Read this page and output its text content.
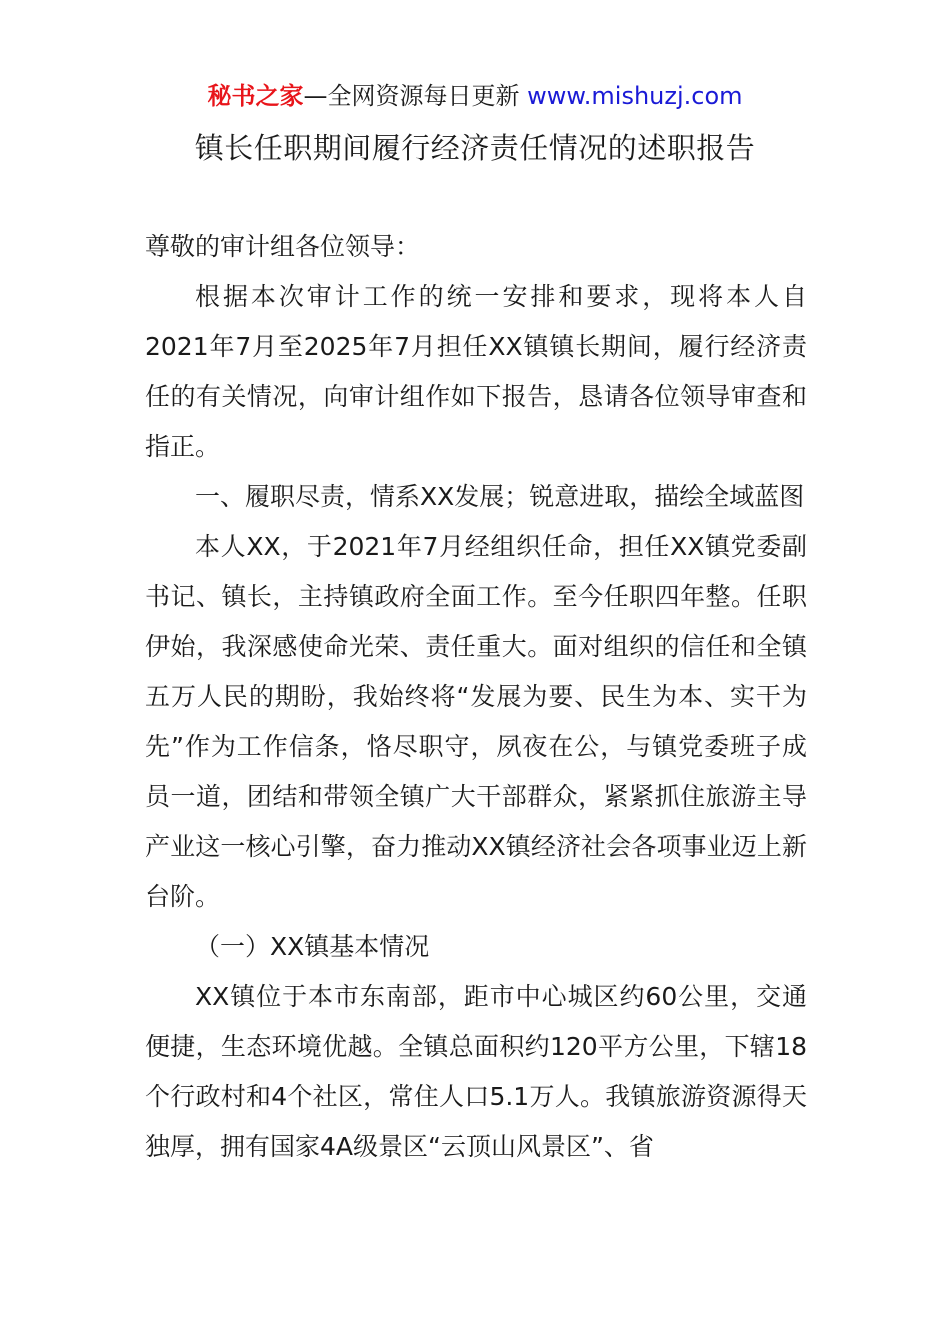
秘书之家—全网资源每日更新 www.mishuzj.com
镇长任职期间履行经济责任情况的述职报告

尊敬的审计组各位领导：

根据本次审计工作的统一安排和要求，现将本人自2021年7月至2025年7月担任XX镇镇长期间，履行经济责任的有关情况，向审计组作如下报告，恳请各位领导审查和指正。

一、履职尽责，情系XX发展；锐意进取，描绘全域蓝图

本人XX，于2021年7月经组织任命，担任XX镇党委副书记、镇长，主持镇政府全面工作。至今任职四年整。任职伊始，我深感使命光荣、责任重大。面对组织的信任和全镇五万人民的期盼，我始终将“发展为要、民生为本、实干为先”作为工作信条，恪尽职守，夙夜在公，与镇党委班子成员一道，团结和带领全镇广大干部群众，紧紧抓住旅游主导产业这一核心引擎，奋力推动XX镇经济社会各项事业迈上新台阶。

（一）XX镇基本情况

XX镇位于本市东南部，距市中心城区约60公里，交通便捷，生态环境优越。全镇总面积约120平方公里，下辖18个行政村和4个社区，常住人口5.1万人。我镇旅游资源得天独厚，拥有国家4A级景区“云顶山风景区”、省
